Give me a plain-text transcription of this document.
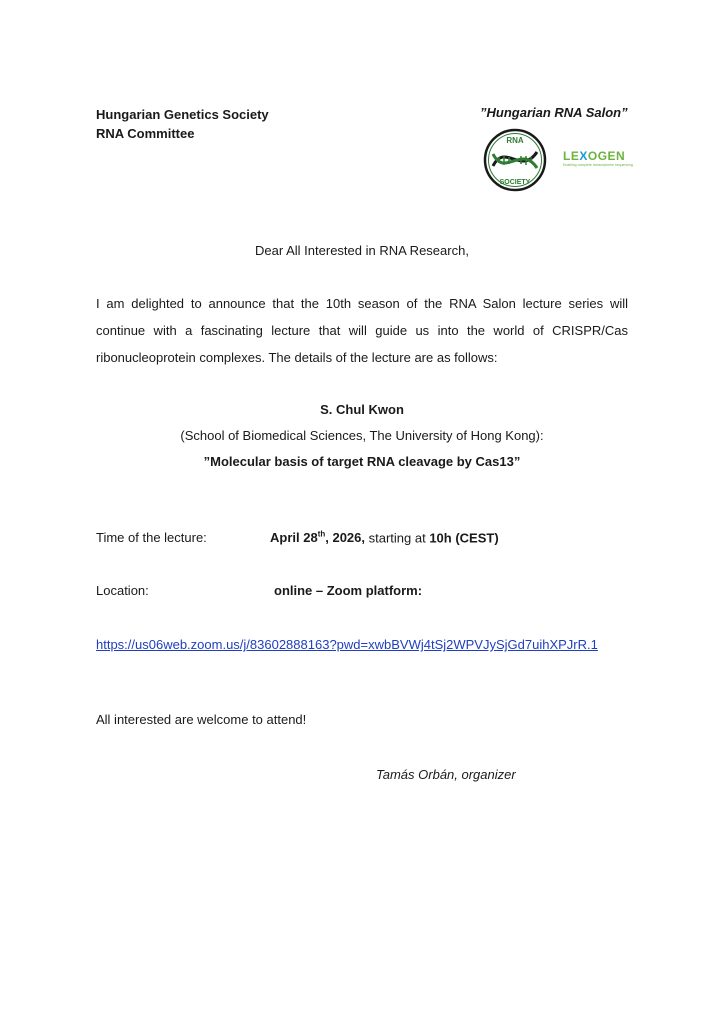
Hungarian Genetics Society
RNA Committee
”Hungarian RNA Salon”
RNA
SOCIETY
LEXOGEN
Enabling complete transcriptome sequencing
Dear All Interested in RNA Research,
I am delighted to announce that the 10th season of the RNA Salon lecture series will
continue with a fascinating lecture that will guide us into the world of CRISPR/Cas
ribonucleoprotein complexes. The details of the lecture are as follows:
S. Chul Kwon
(School of Biomedical Sciences, The University of Hong Kong):
”Molecular basis of target RNA cleavage by Cas13”
Time of the lecture:	April 28th, 2026, starting at 10h (CEST)
Location:	online – Zoom platform:
https://us06web.zoom.us/j/83602888163?pwd=xwbBVWj4tSj2WPVJySjGd7uihXPJrR.1
All interested are welcome to attend!
Tamás Orbán, organizer
